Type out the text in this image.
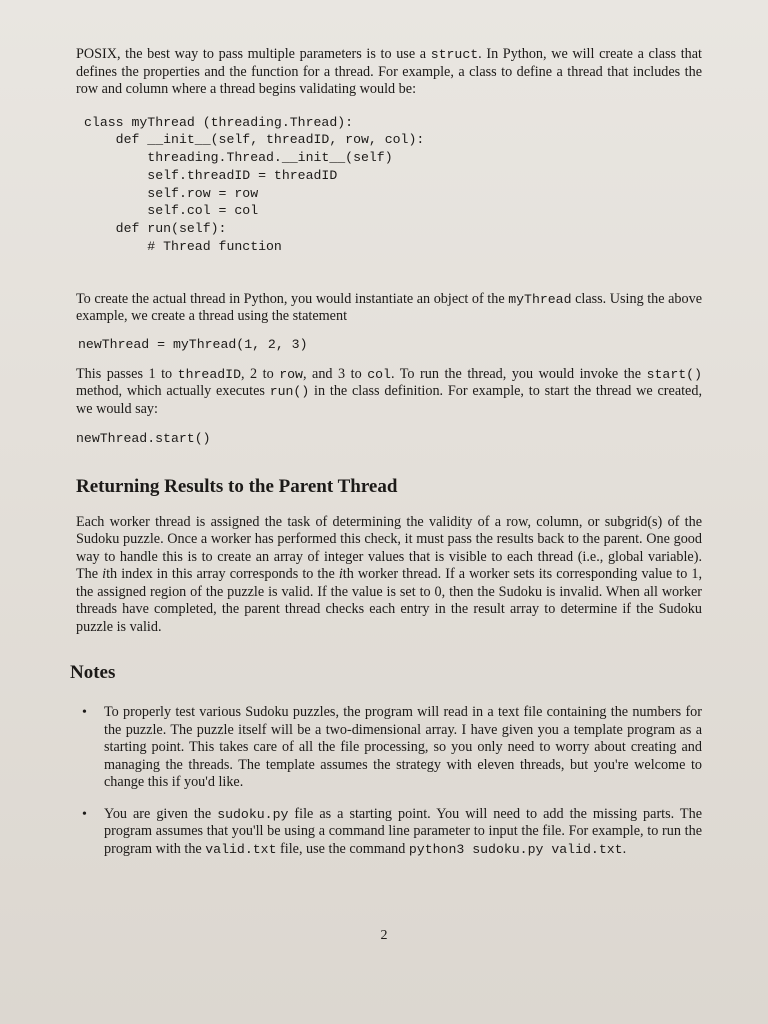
POSIX, the best way to pass multiple parameters is to use a struct. In Python, we will create a class that defines the properties and the function for a thread. For example, a class to define a thread that includes the row and column where a thread begins validating would be:

class myThread (threading.Thread):
def __init__(self, threadID, row, col):
threading.Thread.__init__(self)
self.threadID = threadID
self.row = row
self.col = col
def run(self):
# Thread function

To create the actual thread in Python, you would instantiate an object of the myThread class. Using the above example, we create a thread using the statement

newThread = myThread(1, 2, 3)

This passes 1 to threadID, 2 to row, and 3 to col. To run the thread, you would invoke the start() method, which actually executes run() in the class definition. For example, to start the thread we created, we would say:

newThread.start()
Returning Results to the Parent Thread

Each worker thread is assigned the task of determining the validity of a row, column, or subgrid(s) of the Sudoku puzzle. Once a worker has performed this check, it must pass the results back to the parent. One good way to handle this is to create an array of integer values that is visible to each thread (i.e., global variable). The ith index in this array corresponds to the ith worker thread. If a worker sets its corresponding value to 1, the assigned region of the puzzle is valid. If the value is set to 0, then the Sudoku is invalid. When all worker threads have completed, the parent thread checks each entry in the result array to determine if the Sudoku puzzle is valid.

Notes
• To properly test various Sudoku puzzles, the program will read in a text file containing the numbers for the puzzle. The puzzle itself will be a two-dimensional array. I have given you a template program as a starting point. This takes care of all the file processing, so you only need to worry about creating and managing the threads. The template assumes the strategy with eleven threads, but you're welcome to change this if you'd like.

• You are given the sudoku.py file as a starting point. You will need to add the missing parts. The program assumes that you'll be using a command line parameter to input the file. For example, to run the program with the valid.txt file, use the command python3 sudoku.py valid.txt.

2
